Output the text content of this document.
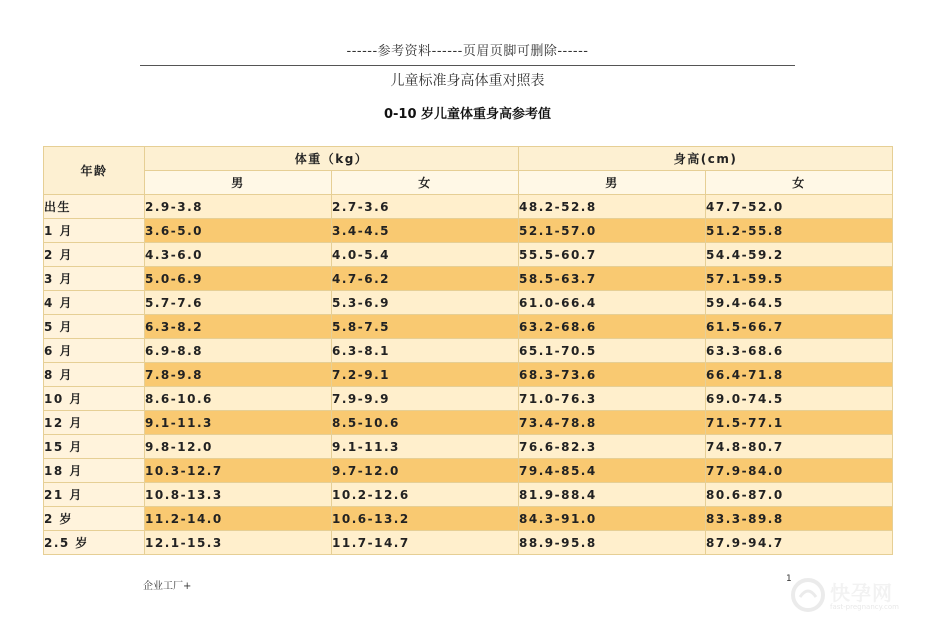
------参考资料------页眉页脚可删除------
儿童标准身高体重对照表
0-10 岁儿童体重身高参考值
年龄	体重（kg）		身高(cm)	
	男	女	男	女
出生	2.9-3.8	2.7-3.6	48.2-52.8	47.7-52.0
1 月	3.6-5.0	3.4-4.5	52.1-57.0	51.2-55.8
2 月	4.3-6.0	4.0-5.4	55.5-60.7	54.4-59.2
3 月	5.0-6.9	4.7-6.2	58.5-63.7	57.1-59.5
4 月	5.7-7.6	5.3-6.9	61.0-66.4	59.4-64.5
5 月	6.3-8.2	5.8-7.5	63.2-68.6	61.5-66.7
6 月	6.9-8.8	6.3-8.1	65.1-70.5	63.3-68.6
8 月	7.8-9.8	7.2-9.1	68.3-73.6	66.4-71.8
10 月	8.6-10.6	7.9-9.9	71.0-76.3	69.0-74.5
12 月	9.1-11.3	8.5-10.6	73.4-78.8	71.5-77.1
15 月	9.8-12.0	9.1-11.3	76.6-82.3	74.8-80.7
18 月	10.3-12.7	9.7-12.0	79.4-85.4	77.9-84.0
21 月	10.8-13.3	10.2-12.6	81.9-88.4	80.6-87.0
2 岁	11.2-14.0	10.6-13.2	84.3-91.0	83.3-89.8
2.5 岁	12.1-15.3	11.7-14.7	88.9-95.8	87.9-94.7
企业工厂+
1
快孕网
fast-pregnancy.com
